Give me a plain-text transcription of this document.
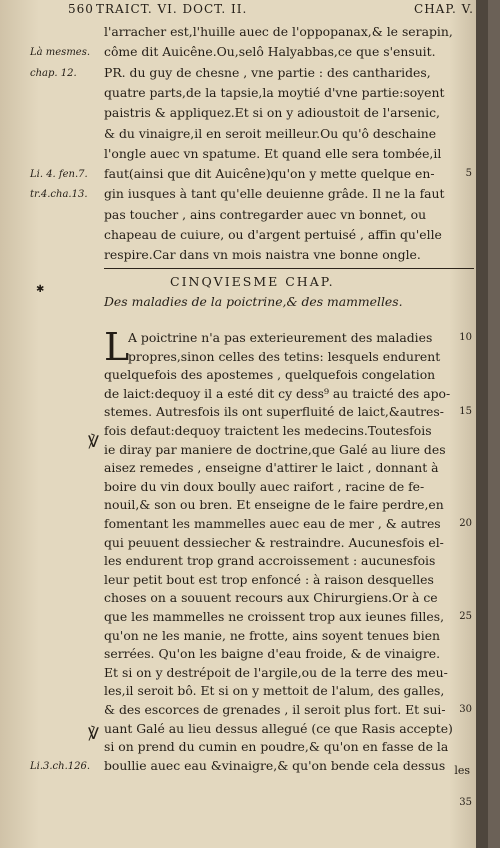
560 TRAICT. VI. DOCT. II.	CHAP. V.
l'arracher est,l'huille auec de l'oppopanax,& le serapin,
côme dit Auicêne.Ou,selô Halyabbas,ce que s'ensuit.
PR. du guy de chesne , vne partie : des cantharides,
quatre parts,de la tapsie,la moytié d'vne partie:soyent
paistris & appliquez.Et si on y adioustoit de l'arsenic,
& du vinaigre,il en seroit meilleur.Ou qu'ô deschaine
l'ongle auec vn spatume. Et quand elle sera tombée,il
faut(ainsi que dit Auicêne)qu'on y mette quelque en-
gin iusques à tant qu'elle deuienne grâde. Il ne la faut
pas toucher , ains contregarder auec vn bonnet, ou
chapeau de cuiure, ou d'argent pertuisé , affin qu'elle
respire.Car dans vn mois naistra vne bonne ongle.
✱
CINQVIESME CHAP.
Des maladies de la poictrine,& des mammelles.
L
A poictrine n'a pas exterieurement des maladies
propres,sinon celles des tetins: lesquels endurent
quelquefois des apostemes , quelquefois congelation
de laict:dequoy il a esté dit cy dess⁹ au traicté des apo-
stemes. Autresfois ils ont superfluité de laict,&autres-
fois defaut:dequoy traictent les medecins.Toutesfois
ie diray par maniere de doctrine,que Galé au liure des
aisez remedes , enseigne d'attirer le laict , donnant à
boire du vin doux boully auec raifort , racine de fe-
nouil,& son ou bren. Et enseigne de le faire perdre,en
fomentant les mammelles auec eau de mer , & autres
qui peuuent dessiecher & restraindre. Aucunesfois el-
les endurent trop grand accroissement : aucunesfois
leur petit bout est trop enfoncé : à raison desquelles
choses on a souuent recours aux Chirurgiens.Or à ce
que les mammelles ne croissent trop aux ieunes filles,
qu'on ne les manie, ne frotte, ains soyent tenues bien
serrées. Qu'on les baigne d'eau froide, & de vinaigre.
Et si on y destrépoit de l'argile,ou de la terre des meu-
les,il seroit bô. Et si on y mettoit de l'alum, des galles,
& des escorces de grenades , il seroit plus fort. Et sui-
uant Galé au lieu dessus allegué (ce que Rasis accepte)
si on prend du cumin en poudre,& qu'on en fasse de la
boullie auec eau &vinaigre,& qu'on bende cela dessus
Là mesmes.
chap. 12.
Li. 4. fen.7.
tr.4.cha.13.
Li.3.ch.126.
5
10
15
20
25
30
35
℣
℣
les
